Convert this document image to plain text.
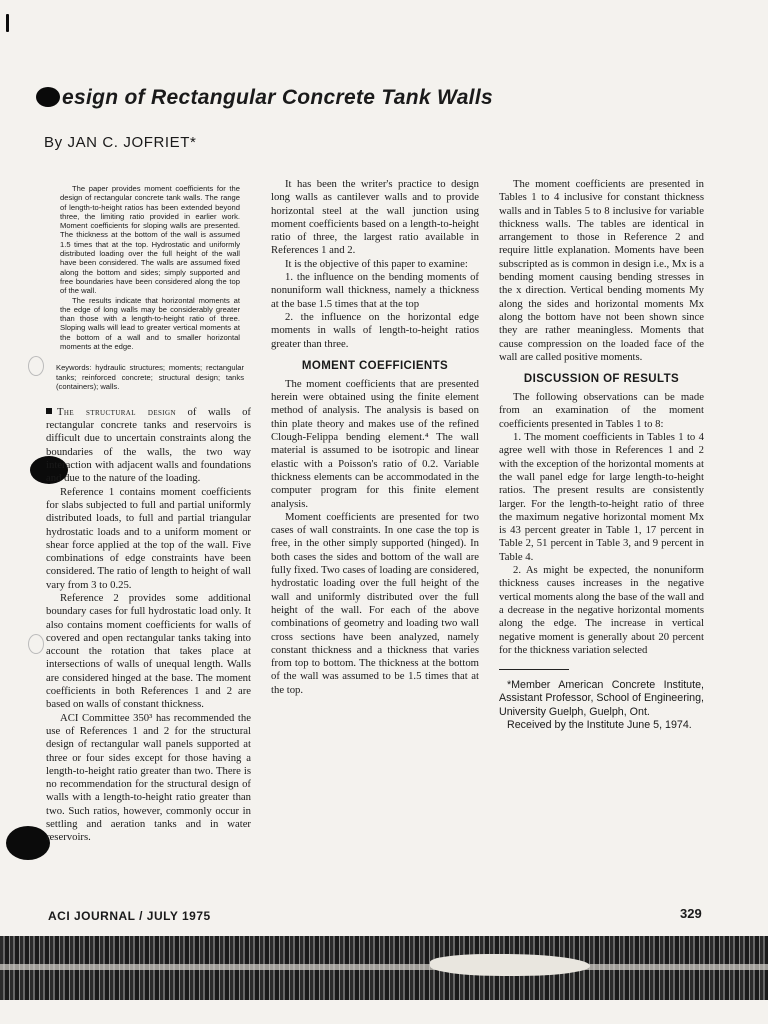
esign of Rectangular Concrete Tank Walls
By JAN C. JOFRIET*

The paper provides moment coefficients for the design of rectangular concrete tank walls. The range of length-to-height ratios has been extended beyond three, the limiting ratio provided in earlier work. Moment coefficients for sloping walls are presented. The thickness at the bottom of the wall is assumed 1.5 times that at the top. Hydrostatic and uniformly distributed loading over the full height of the wall have been considered. The walls are assumed fixed along the bottom and sides; simply supported and free boundaries have been considered along the top of the wall.

The results indicate that horizontal moments at the edge of long walls may be considerably greater than those with a length-to-height ratio of three. Sloping walls will lead to greater vertical moments at the bottom of a wall and to smaller horizontal moments at the edge.

Keywords: hydraulic structures; moments; rectangular tanks; reinforced concrete; structural design; tanks (containers); walls.

The structural design of walls of rectangular concrete tanks and reservoirs is difficult due to uncertain constraints along the boundaries of the walls, the two way interaction with adjacent walls and foundations and due to the nature of the loading.

Reference 1 contains moment coefficients for slabs subjected to full and partial uniformly distributed loads, to full and partial triangular hydrostatic loads and to a uniform moment or shear force applied at the top of the wall. Five combinations of edge constraints have been considered. The ratio of length to height of wall vary from 3 to 0.25.

Reference 2 provides some additional boundary cases for full hydrostatic load only. It also contains moment coefficients for walls of covered and open rectangular tanks taking into account the rotation that takes place at intersections of walls of unequal length. Walls are considered hinged at the base. The moment coefficients in both References 1 and 2 are based on walls of constant thickness.

ACI Committee 350³ has recommended the use of References 1 and 2 for the structural design of rectangular wall panels supported at three or four sides except for those having a length-to-height ratio greater than two. There is no recommendation for the structural design of walls with a length-to-height ratio greater than two. Such ratios, however, commonly occur in settling and aeration tanks and in water reservoirs.

It has been the writer's practice to design long walls as cantilever walls and to provide horizontal steel at the wall junction using moment coefficients based on a length-to-height ratio of three, the largest ratio available in References 1 and 2.

It is the objective of this paper to examine:

1. the influence on the bending moments of nonuniform wall thickness, namely a thickness at the base 1.5 times that at the top

2. the influence on the horizontal edge moments in walls of length-to-height ratios greater than three.

MOMENT COEFFICIENTS

The moment coefficients that are presented herein were obtained using the finite element method of analysis. The analysis is based on thin plate theory and makes use of the refined Clough-Felippa bending element.⁴ The wall material is assumed to be isotropic and linear elastic with a Poisson's ratio of 0.2. Variable thickness elements can be accommodated in the computer program for this finite element analysis.

Moment coefficients are presented for two cases of wall constraints. In one case the top is free, in the other simply supported (hinged). In both cases the sides and bottom of the wall are fully fixed. Two cases of loading are considered, hydrostatic loading over the full height of the wall and uniformly distributed over the full height of the wall. For each of the above combinations of geometry and loading two wall cross sections have been analyzed, namely constant thickness and a thickness that varies from top to bottom. The thickness at the bottom of the wall was assumed to be 1.5 times that at the top.

The moment coefficients are presented in Tables 1 to 4 inclusive for constant thickness walls and in Tables 5 to 8 inclusive for variable thickness walls. The tables are identical in arrangement to those in Reference 2 and require little explanation. Moments have been subscripted as is common in design i.e., Mx is a bending moment causing bending stresses in the x direction. Vertical bending moments My along the sides and horizontal moments Mx along the bottom have not been shown since they are rather meaningless. Moments that cause compression on the loaded face of the wall are called positive moments.

DISCUSSION OF RESULTS

The following observations can be made from an examination of the moment coefficients presented in Tables 1 to 8:

1. The moment coefficients in Tables 1 to 4 agree well with those in References 1 and 2 with the exception of the horizontal moments at the wall panel edge for large length-to-height ratios. The present results are consistently larger. For the length-to-height ratio of three the maximum negative horizontal moment Mx is 43 percent greater in Table 1, 17 percent in Table 2, 51 percent in Table 3, and 9 percent in Table 4.

2. As might be expected, the nonuniform thickness causes increases in the negative vertical moments along the base of the wall and a decrease in the negative horizontal moments along the edge. The increase in vertical negative moment is generally about 20 percent for the thickness variation selected

*Member American Concrete Institute, Assistant Professor, School of Engineering, University Guelph, Guelph, Ont.

Received by the Institute June 5, 1974.

ACI JOURNAL / JULY 1975	329
